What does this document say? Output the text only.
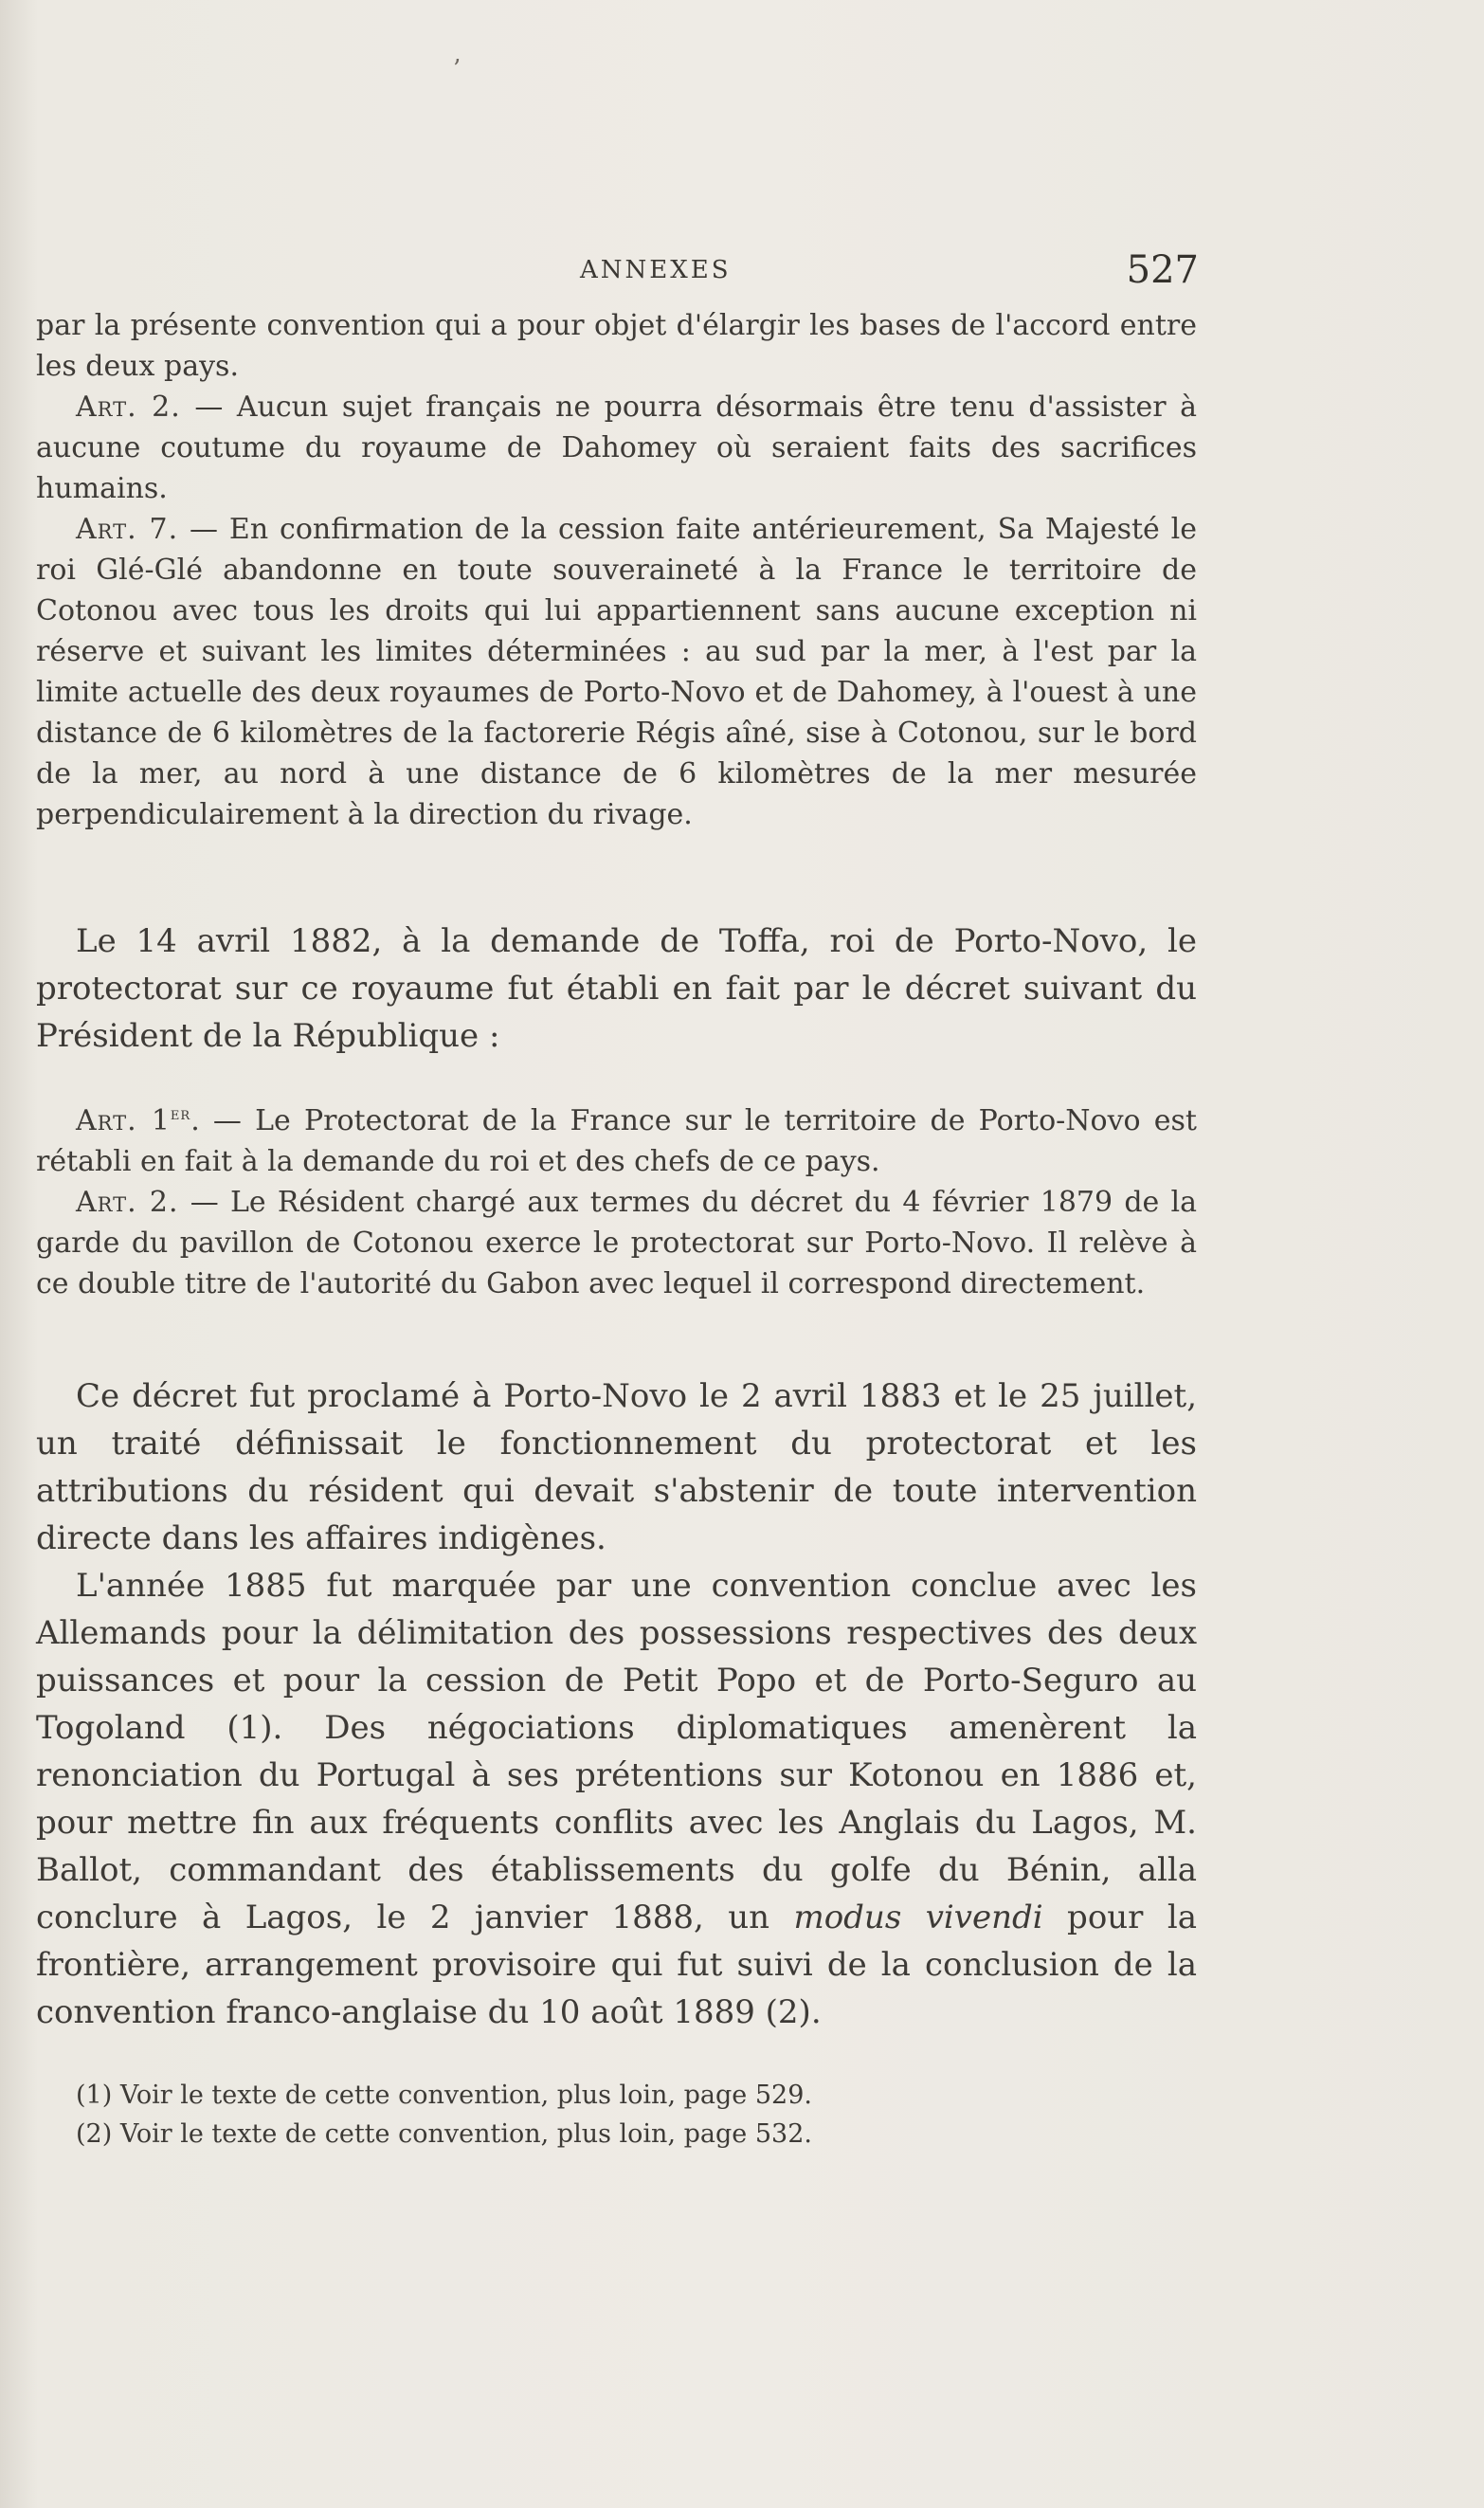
’
ANNEXES	527

par la présente convention qui a pour objet d'élargir les bases de l'accord entre les deux pays.

Art. 2. — Aucun sujet français ne pourra désormais être tenu d'assister à aucune coutume du royaume de Dahomey où seraient faits des sacrifices humains.

Art. 7. — En confirmation de la cession faite antérieurement, Sa Majesté le roi Glé-Glé abandonne en toute souveraineté à la France le territoire de Cotonou avec tous les droits qui lui appartiennent sans aucune exception ni réserve et suivant les limites déterminées : au sud par la mer, à l'est par la limite actuelle des deux royaumes de Porto-Novo et de Dahomey, à l'ouest à une distance de 6 kilomètres de la factorerie Régis aîné, sise à Cotonou, sur le bord de la mer, au nord à une distance de 6 kilomètres de la mer mesurée perpendiculairement à la direction du rivage.

Le 14 avril 1882, à la demande de Toffa, roi de Porto-Novo, le protectorat sur ce royaume fut établi en fait par le décret suivant du Président de la République :

Art. 1er. — Le Protectorat de la France sur le territoire de Porto-Novo est rétabli en fait à la demande du roi et des chefs de ce pays.

Art. 2. — Le Résident chargé aux termes du décret du 4 février 1879 de la garde du pavillon de Cotonou exerce le protectorat sur Porto-Novo. Il relève à ce double titre de l'autorité du Gabon avec lequel il correspond directement.

Ce décret fut proclamé à Porto-Novo le 2 avril 1883 et le 25 juillet, un traité définissait le fonctionnement du protectorat et les attributions du résident qui devait s'abstenir de toute intervention directe dans les affaires indigènes.

L'année 1885 fut marquée par une convention conclue avec les Allemands pour la délimitation des possessions respectives des deux puissances et pour la cession de Petit Popo et de Porto-Seguro au Togoland (1). Des négociations diplomatiques amenèrent la renonciation du Portugal à ses prétentions sur Kotonou en 1886 et, pour mettre fin aux fréquents conflits avec les Anglais du Lagos, M. Ballot, commandant des établissements du golfe du Bénin, alla conclure à Lagos, le 2 janvier 1888, un modus vivendi pour la frontière, arrangement provisoire qui fut suivi de la conclusion de la convention franco-anglaise du 10 août 1889 (2).

(1) Voir le texte de cette convention, plus loin, page 529.

(2) Voir le texte de cette convention, plus loin, page 532.
